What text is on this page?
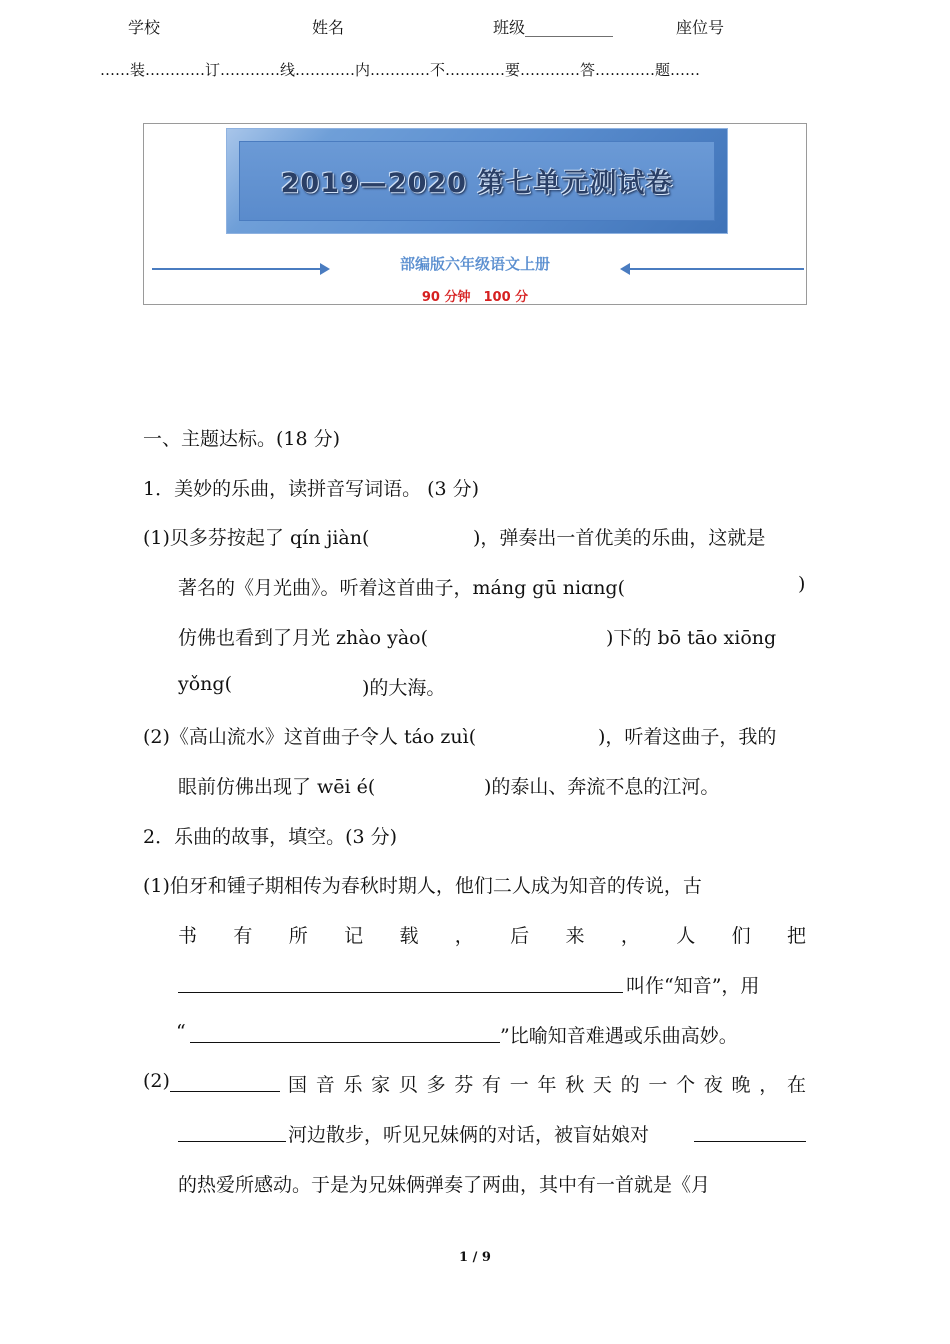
学校	姓名	班级___________	座位号
……装…………订…………线…………内…………不…………要…………答…………题……
2019—2020 第七单元测试卷
部编版六年级语文上册
90 分钟　100 分
一、主题达标。(18 分)
1．美妙的乐曲，读拼音写词语。 (3 分)
(1)贝多芬按起了 qín jiàn(	)，弹奏出一首优美的乐曲，这就是
著名的《月光曲》。听着这首曲子，máng gū niɑng(	)
仿佛也看到了月光 zhào yào(	)下的 bō tāo xiōng
yǒng(	)的大海。
(2)《高山流水》这首曲子令人 táo zuì(	)，听着这曲子，我的
眼前仿佛出现了 wēi é(	)的泰山、奔流不息的江河。
2．乐曲的故事，填空。(3 分)
(1)伯牙和锺子期相传为春秋时期人，他们二人成为知音的传说，古
书 有 所 记 载 ， 后 来 ， 人 们 把
叫作“知音”，用
“	”比喻知音难遇或乐曲高妙。
(2)	国 音 乐 家 贝 多 芬 有 一 年 秋 天 的 一 个 夜 晚 ， 在
河边散步，听见兄妹俩的对话，被盲姑娘对
的热爱所感动。于是为兄妹俩弹奏了两曲，其中有一首就是《月
1 / 9
